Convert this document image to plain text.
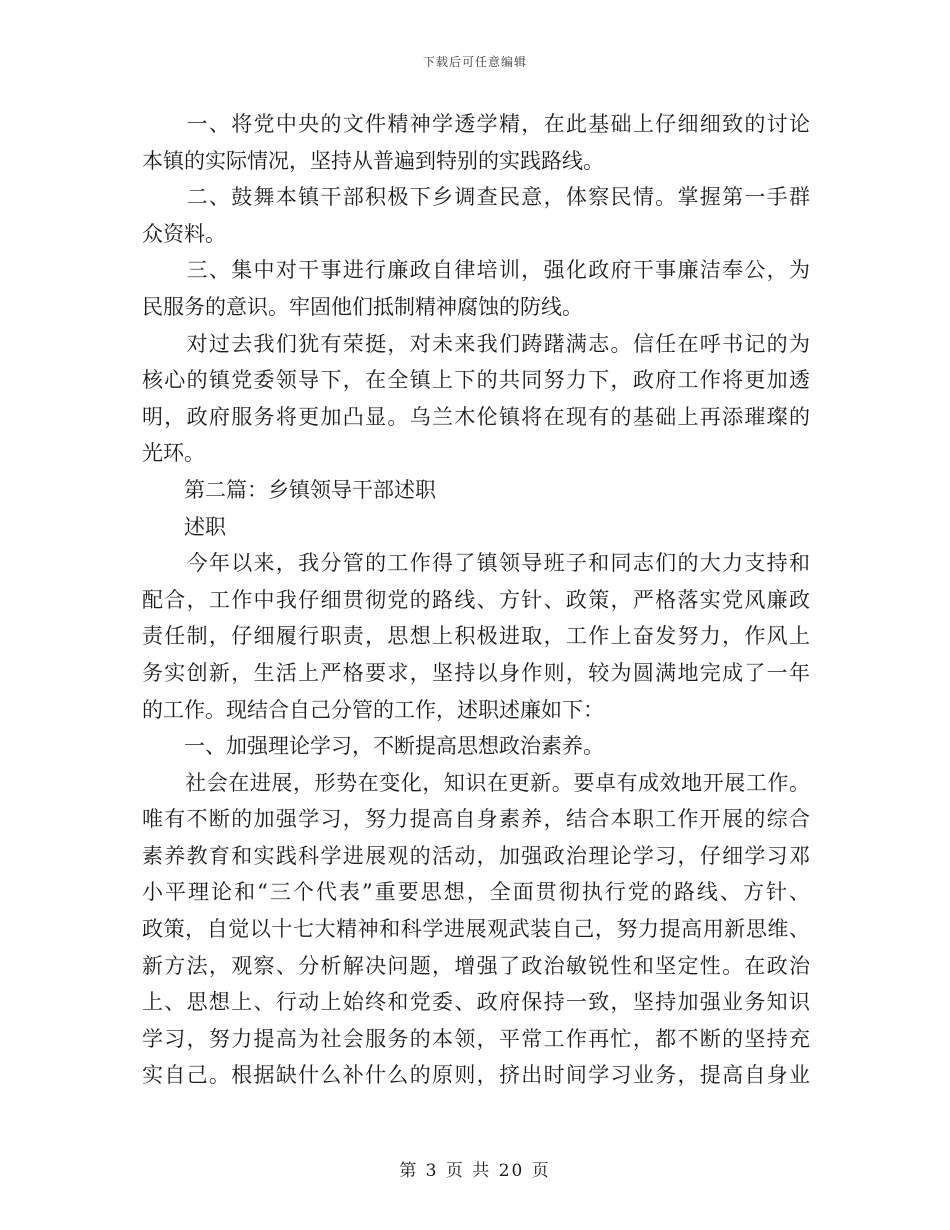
下载后可任意编辑
　　一、将党中央的文件精神学透学精，在此基础上仔细细致的讨论
本镇的实际情况，坚持从普遍到特别的实践路线。
　　二、鼓舞本镇干部积极下乡调查民意，体察民情。掌握第一手群
众资料。
　　三、集中对干事进行廉政自律培训，强化政府干事廉洁奉公，为
民服务的意识。牢固他们抵制精神腐蚀的防线。
　　对过去我们犹有荣挺，对未来我们踌躇满志。信任在呼书记的为
核心的镇党委领导下，在全镇上下的共同努力下，政府工作将更加透
明，政府服务将更加凸显。乌兰木伦镇将在现有的基础上再添璀璨的
光环。
　　第二篇：乡镇领导干部述职
　　述职
　　今年以来，我分管的工作得了镇领导班子和同志们的大力支持和
配合，工作中我仔细贯彻党的路线、方针、政策，严格落实党风廉政
责任制，仔细履行职责，思想上积极进取，工作上奋发努力，作风上
务实创新，生活上严格要求，坚持以身作则，较为圆满地完成了一年
的工作。现结合自己分管的工作，述职述廉如下：
　　一、加强理论学习，不断提高思想政治素养。
　　社会在进展，形势在变化，知识在更新。要卓有成效地开展工作。
唯有不断的加强学习，努力提高自身素养，结合本职工作开展的综合
素养教育和实践科学进展观的活动，加强政治理论学习，仔细学习邓
小平理论和“三个代表”重要思想，全面贯彻执行党的路线、方针、
政策，自觉以十七大精神和科学进展观武装自己，努力提高用新思维、
新方法，观察、分析解决问题，增强了政治敏锐性和坚定性。在政治
上、思想上、行动上始终和党委、政府保持一致，坚持加强业务知识
学习，努力提高为社会服务的本领，平常工作再忙，都不断的坚持充
实自己。根据缺什么补什么的原则，挤出时间学习业务，提高自身业
第 3 页 共 20 页
